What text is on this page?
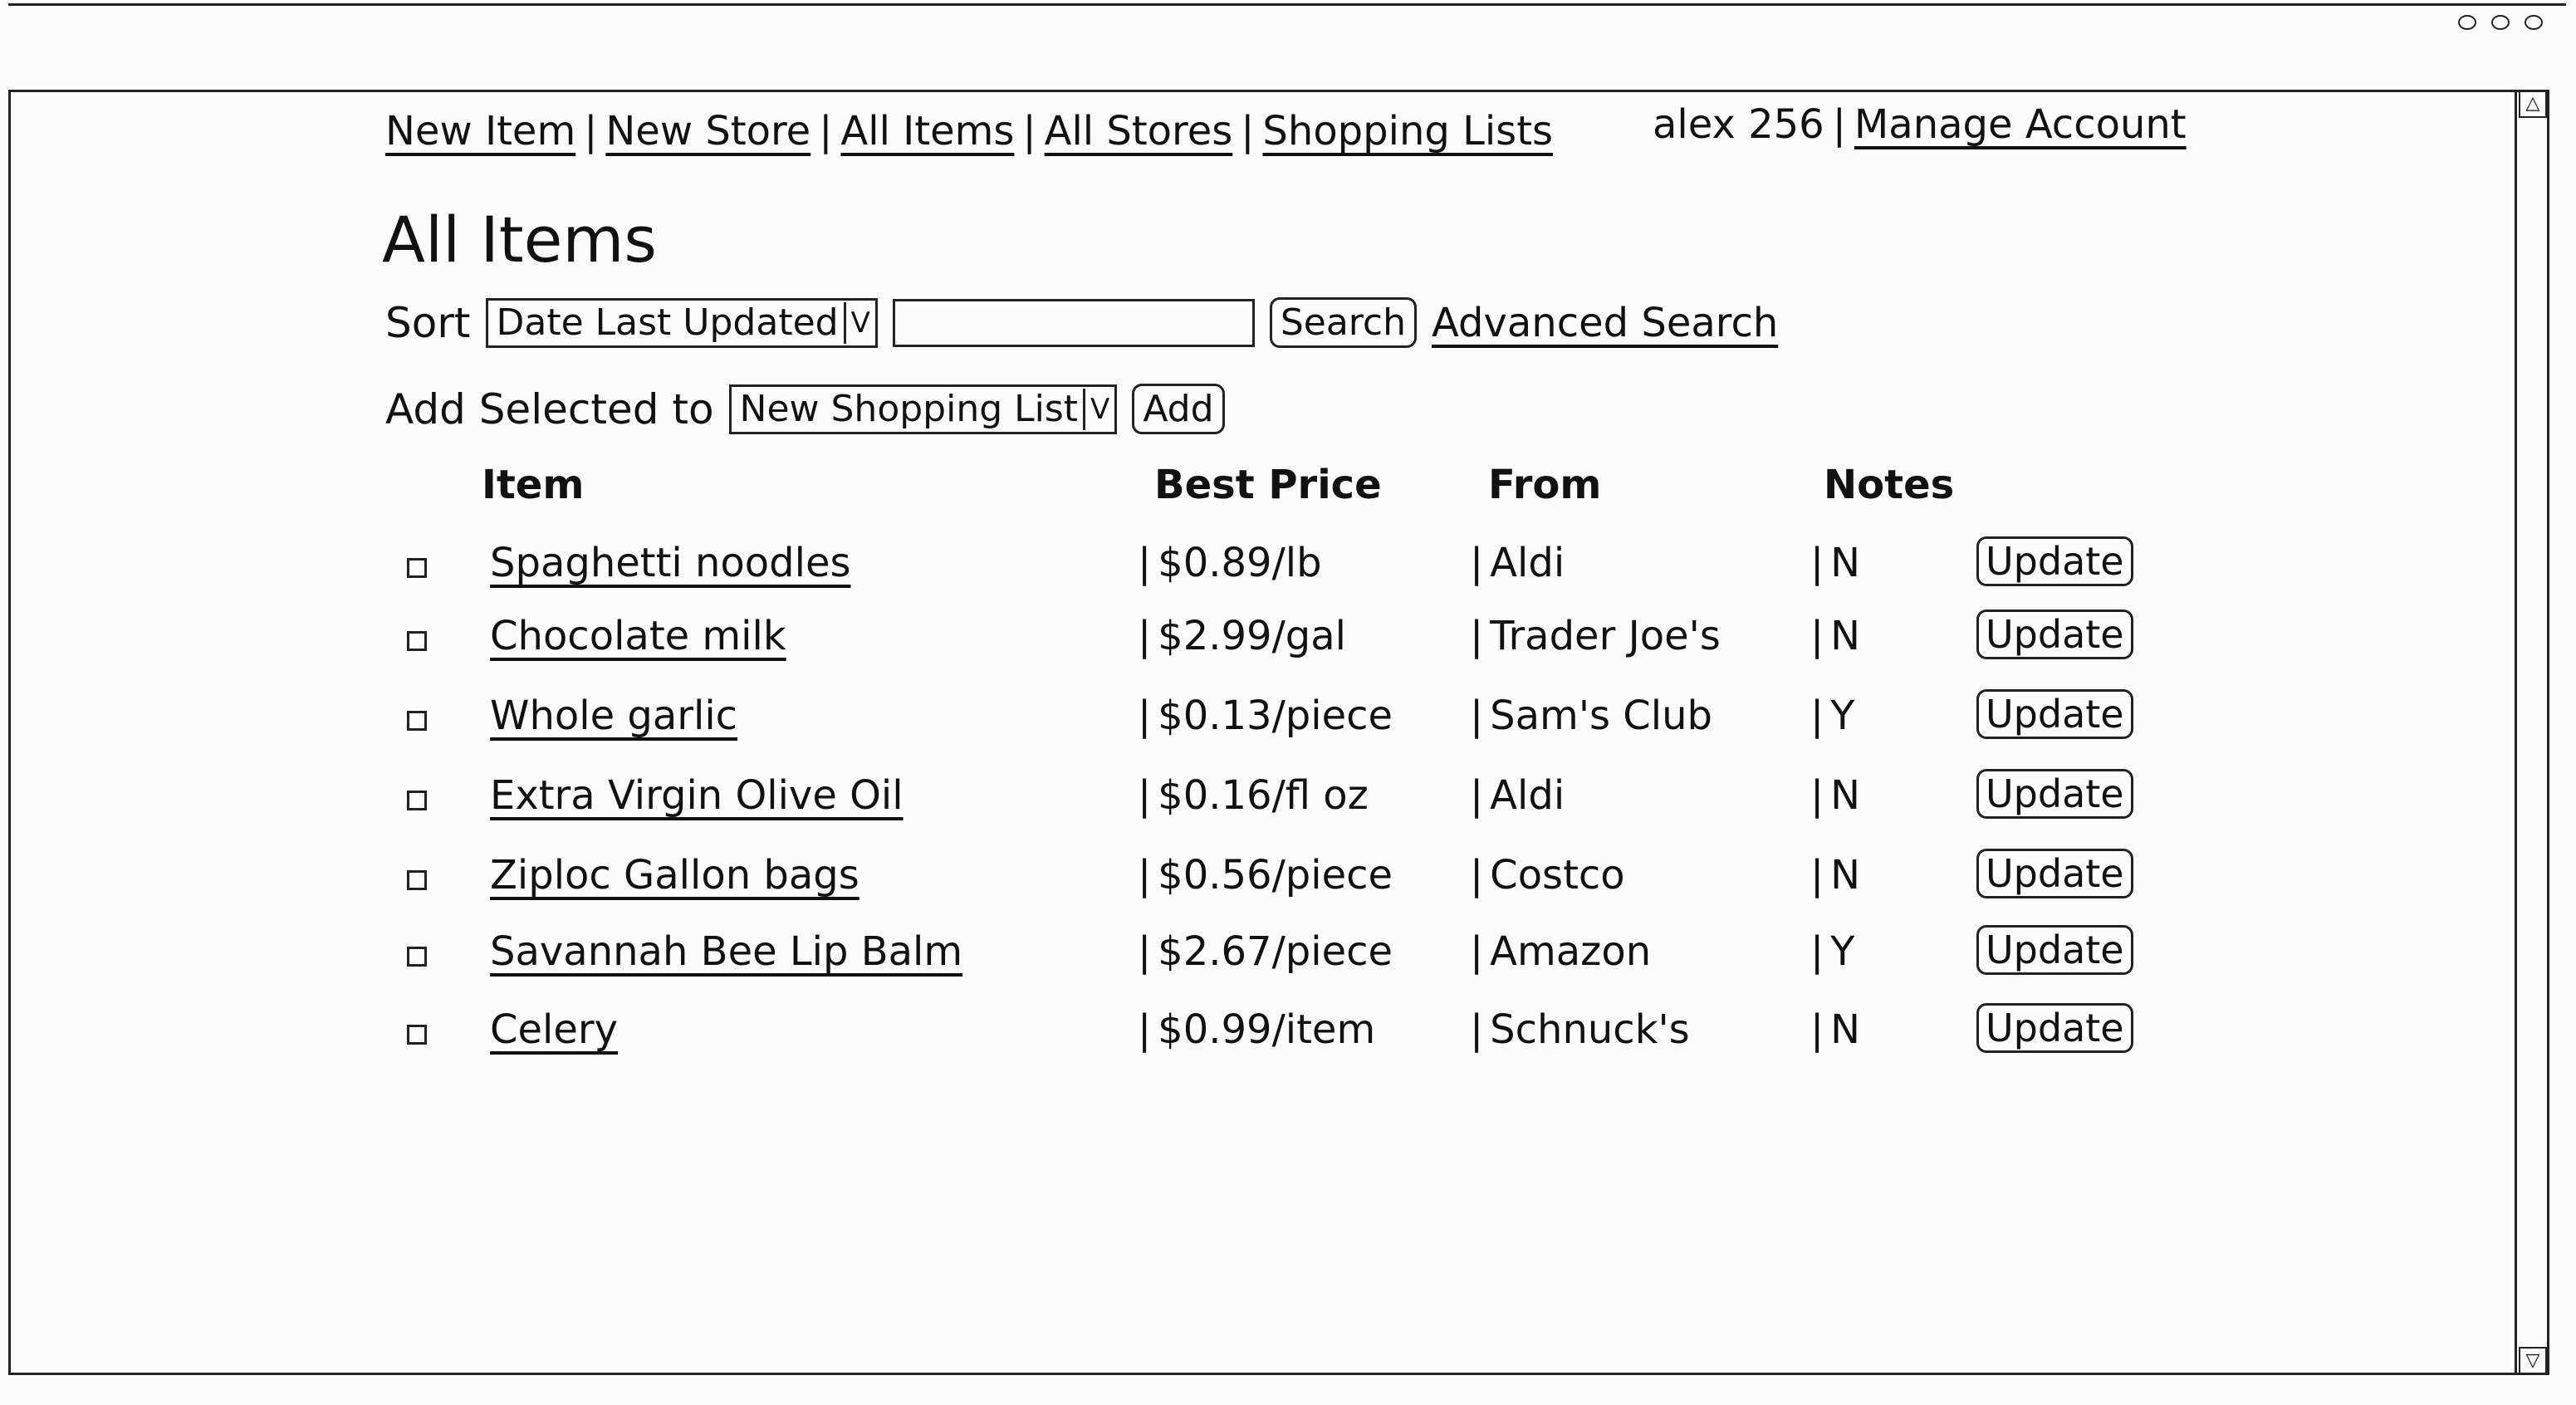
△
▽
New Item | New Store | All Items | All Stores | Shopping Lists alex 256 | Manage Account
All Items
Sort Date Last Updated V	Search Advanced Search
Add Selected to New Shopping List V Add
Item	Best Price	From	Notes
Spaghetti noodles	| $0.89/lb	| Aldi	| N	Update
Chocolate milk	| $2.99/gal	| Trader Joe's	| N	Update
Whole garlic	| $0.13/piece	| Sam's Club	| Y	Update
Extra Virgin Olive Oil	| $0.16/fl oz	| Aldi	| N	Update
Ziploc Gallon bags	| $0.56/piece	| Costco	| N	Update
Savannah Bee Lip Balm	| $2.67/piece	| Amazon	| Y	Update
Celery	| $0.99/item	| Schnuck's	| N	Update
